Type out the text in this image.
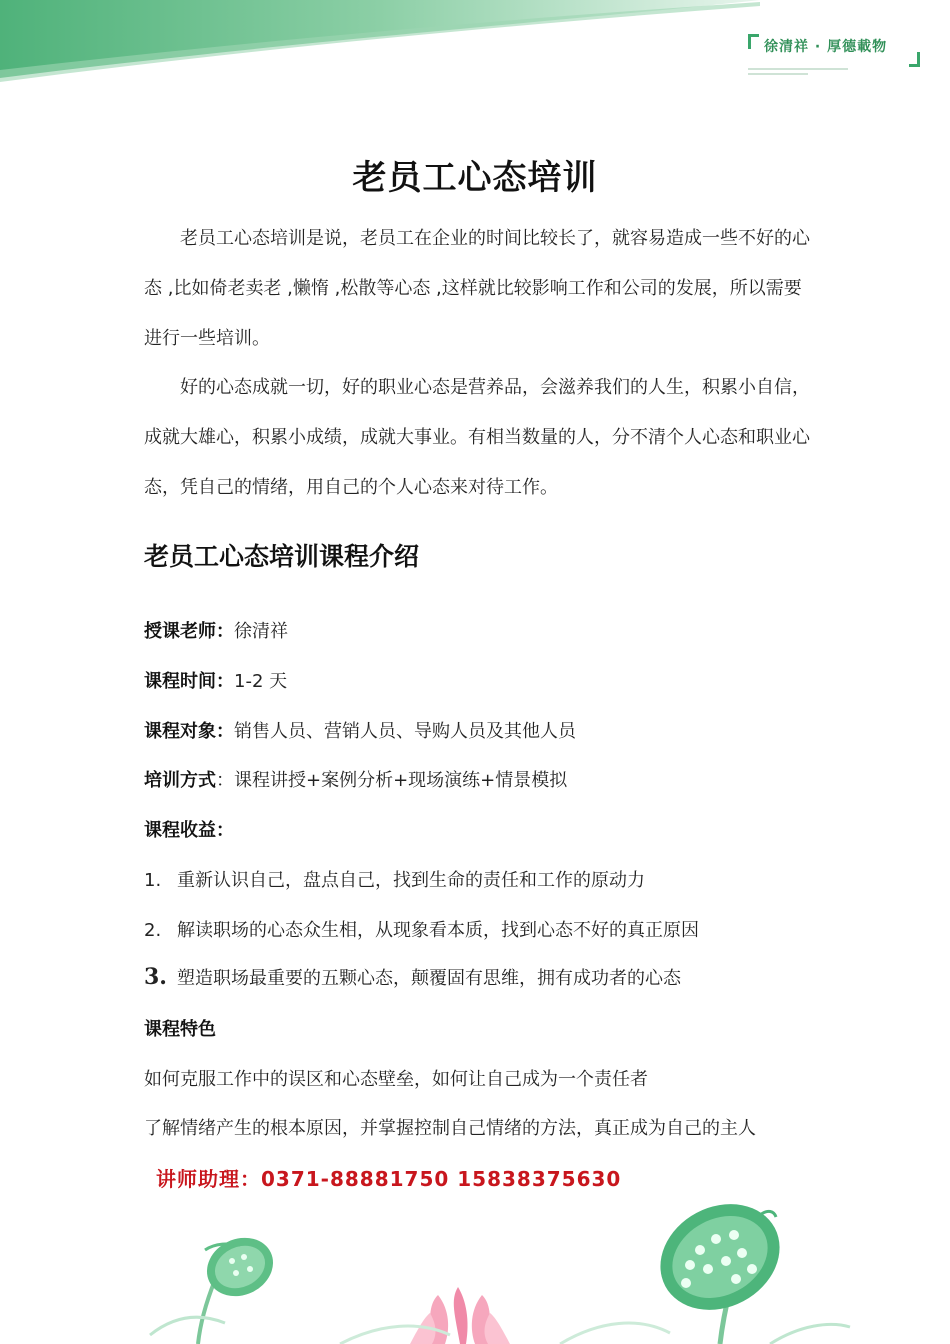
徐清祥 · 厚德載物
老员工心态培训

老员工心态培训是说，老员工在企业的时间比较长了，就容易造成一些不好的心态 ,比如倚老卖老 ,懒惰 ,松散等心态 ,这样就比较影响工作和公司的发展，所以需要进行一些培训。

好的心态成就一切，好的职业心态是营养品，会滋养我们的人生，积累小自信，成就大雄心，积累小成绩，成就大事业。有相当数量的人，分不清个人心态和职业心态，凭自己的情绪，用自己的个人心态来对待工作。

老员工心态培训课程介绍
授课老师：徐清祥
课程时间：1-2 天
课程对象：销售人员、营销人员、导购人员及其他人员
培训方式：课程讲授+案例分析+现场演练+情景模拟
课程收益：
1. 重新认识自己，盘点自己，找到生命的责任和工作的原动力
2. 解读职场的心态众生相，从现象看本质，找到心态不好的真正原因
3. 塑造职场最重要的五颗心态，颠覆固有思维，拥有成功者的心态
课程特色
如何克服工作中的误区和心态壁垒，如何让自己成为一个责任者
了解情绪产生的根本原因，并掌握控制自己情绪的方法，真正成为自己的主人
讲师助理：0371-88881750 15838375630
